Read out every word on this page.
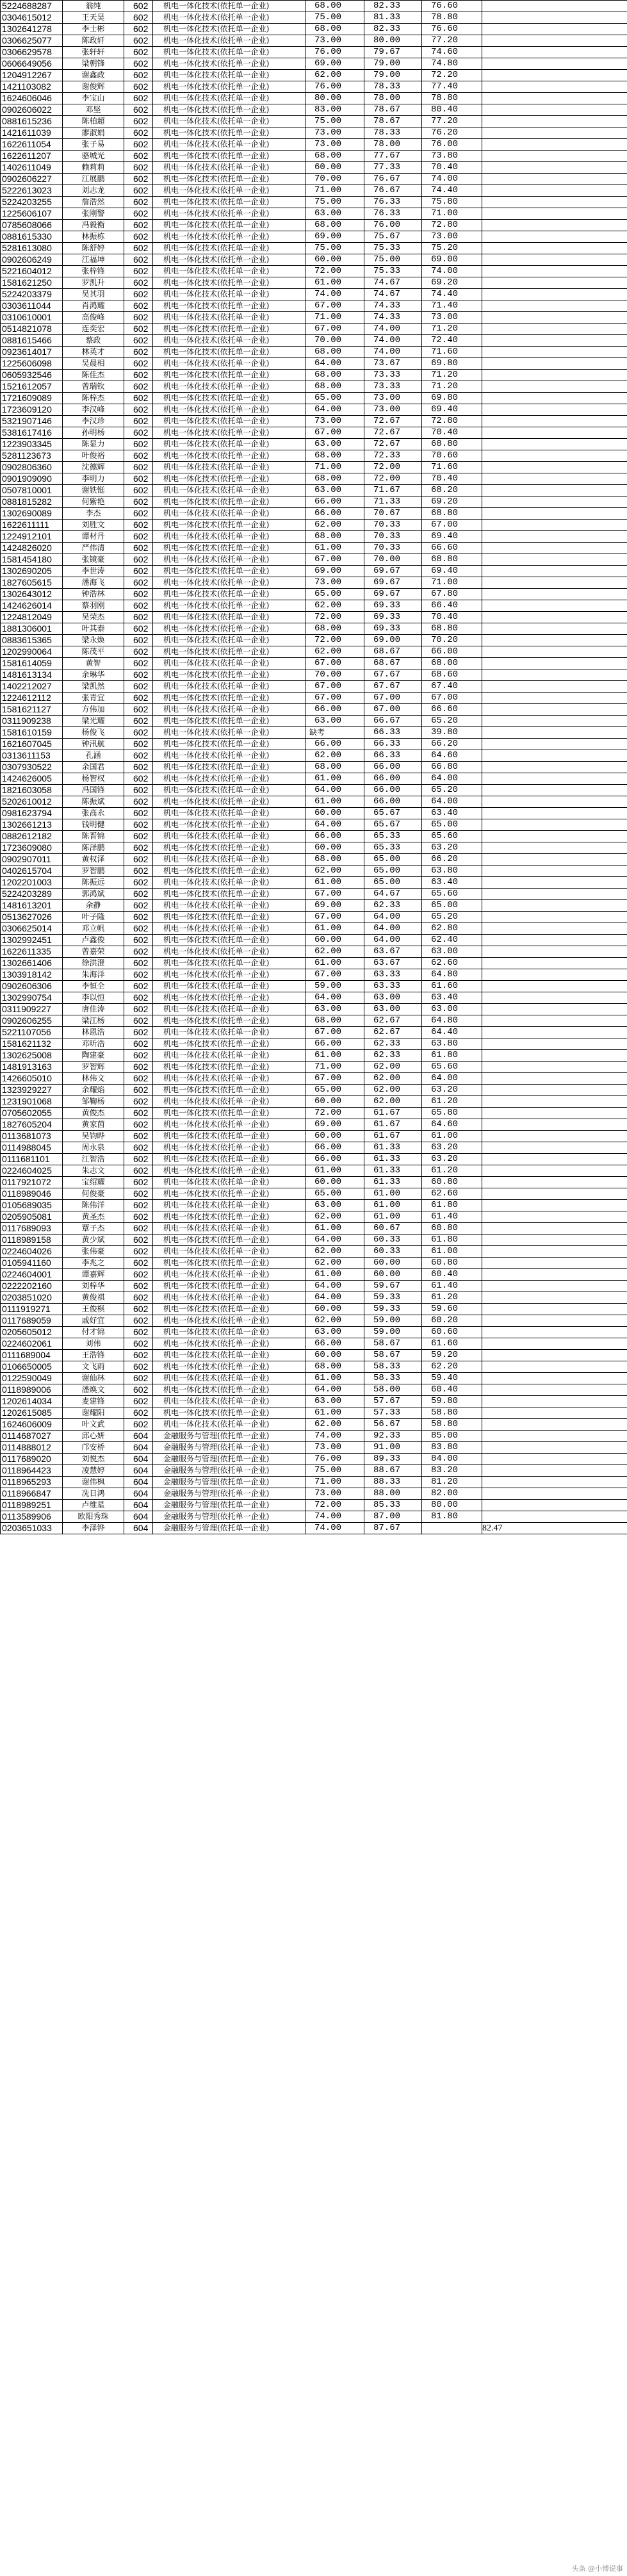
5224688287	翁纯	602	机电一体化技术(依托单一企业)	68.00	82.33	76.60	
0304615012	王天昊	602	机电一体化技术(依托单一企业)	75.00	81.33	78.80	
1302641278	李士彬	602	机电一体化技术(依托单一企业)	68.00	82.33	76.60	
0306625077	陈政轩	602	机电一体化技术(依托单一企业)	73.00	80.00	77.20	
0306629578	张轩轩	602	机电一体化技术(依托单一企业)	76.00	79.67	74.60	
0606649056	梁朝锋	602	机电一体化技术(依托单一企业)	69.00	79.00	74.80	
1204912267	谢鑫政	602	机电一体化技术(依托单一企业)	62.00	79.00	72.20	
1421103082	谢俊辉	602	机电一体化技术(依托单一企业)	76.00	78.33	77.40	
1624606046	李宝山	602	机电一体化技术(依托单一企业)	80.00	78.00	78.80	
0902606022	邓坚	602	机电一体化技术(依托单一企业)	83.00	78.67	80.40	
0881615236	陈柏超	602	机电一体化技术(依托单一企业)	75.00	78.67	77.20	
1421611039	廖淑娟	602	机电一体化技术(依托单一企业)	73.00	78.33	76.20	
1622611054	张子易	602	机电一体化技术(依托单一企业)	73.00	78.00	76.00	
1622611207	骆城光	602	机电一体化技术(依托单一企业)	68.00	77.67	73.80	
1402611049	赖莉莉	602	机电一体化技术(依托单一企业)	60.00	77.33	70.40	
0902606227	江展鹏	602	机电一体化技术(依托单一企业)	70.00	76.67	74.00	
5222613023	刘志龙	602	机电一体化技术(依托单一企业)	71.00	76.67	74.40	
5224203255	詹浩然	602	机电一体化技术(依托单一企业)	75.00	76.33	75.80	
1225606107	张刚警	602	机电一体化技术(依托单一企业)	63.00	76.33	71.00	
0785608066	冯毅衡	602	机电一体化技术(依托单一企业)	68.00	76.00	72.80	
0881615330	林振栋	602	机电一体化技术(依托单一企业)	69.00	75.67	73.00	
5281613080	陈舒婷	602	机电一体化技术(依托单一企业)	75.00	75.33	75.20	
0902606249	江福坤	602	机电一体化技术(依托单一企业)	60.00	75.00	69.00	
5221604012	张梓锋	602	机电一体化技术(依托单一企业)	72.00	75.33	74.00	
1581621250	罗凯升	602	机电一体化技术(依托单一企业)	61.00	74.67	69.20	
5224203379	吴其羽	602	机电一体化技术(依托单一企业)	74.00	74.67	74.40	
0303611044	肖鸿耀	602	机电一体化技术(依托单一企业)	67.00	74.33	71.40	
0310610001	高俊峰	602	机电一体化技术(依托单一企业)	71.00	74.33	73.00	
0514821078	连奕宏	602	机电一体化技术(依托单一企业)	67.00	74.00	71.20	
0881615466	蔡政	602	机电一体化技术(依托单一企业)	70.00	74.00	72.40	
0923614017	林英才	602	机电一体化技术(依托单一企业)	68.00	74.00	71.60	
1225606098	吴晨相	602	机电一体化技术(依托单一企业)	64.00	73.67	69.80	
0605932546	陈佳杰	602	机电一体化技术(依托单一企业)	68.00	73.33	71.20	
1521612057	曾瑞钦	602	机电一体化技术(依托单一企业)	68.00	73.33	71.20	
1721609089	陈梓杰	602	机电一体化技术(依托单一企业)	65.00	73.00	69.80	
1723609120	李汉峰	602	机电一体化技术(依托单一企业)	64.00	73.00	69.40	
5321907146	李汉珍	602	机电一体化技术(依托单一企业)	73.00	72.67	72.80	
5381617416	孙明杨	602	机电一体化技术(依托单一企业)	67.00	72.67	70.40	
1223903345	陈显力	602	机电一体化技术(依托单一企业)	63.00	72.67	68.80	
5281123673	叶俊裕	602	机电一体化技术(依托单一企业)	68.00	72.33	70.60	
0902806360	沈德辉	602	机电一体化技术(依托单一企业)	71.00	72.00	71.60	
0901909090	李明力	602	机电一体化技术(依托单一企业)	68.00	72.00	70.40	
0507810001	谢铁铤	602	机电一体化技术(依托单一企业)	63.00	71.67	68.20	
0881815282	何紫艳	602	机电一体化技术(依托单一企业)	66.00	71.33	69.20	
1302690089	李杰	602	机电一体化技术(依托单一企业)	66.00	70.67	68.80	
1622611111	刘胜文	602	机电一体化技术(依托单一企业)	62.00	70.33	67.00	
1224912101	谭材丹	602	机电一体化技术(依托单一企业)	68.00	70.33	69.40	
1424826020	严伟清	602	机电一体化技术(依托单一企业)	61.00	70.33	66.60	
1581454180	张镜豪	602	机电一体化技术(依托单一企业)	67.00	70.00	68.80	
1302690205	李世涛	602	机电一体化技术(依托单一企业)	69.00	69.67	69.40	
1827605615	潘海飞	602	机电一体化技术(依托单一企业)	73.00	69.67	71.00	
1302643012	钟浩林	602	机电一体化技术(依托单一企业)	65.00	69.67	67.80	
1424626014	蔡羽刚	602	机电一体化技术(依托单一企业)	62.00	69.33	66.40	
1224812049	吴荣杰	602	机电一体化技术(依托单一企业)	72.00	69.33	70.40	
1881306001	叶其泰	602	机电一体化技术(依托单一企业)	68.00	69.33	68.80	
0883615365	梁永焕	602	机电一体化技术(依托单一企业)	72.00	69.00	70.20	
1202990064	陈茂平	602	机电一体化技术(依托单一企业)	62.00	68.67	66.00	
1581614059	黄智	602	机电一体化技术(依托单一企业)	67.00	68.67	68.00	
1481613134	余琳华	602	机电一体化技术(依托单一企业)	70.00	67.67	68.60	
1402212027	梁凯然	602	机电一体化技术(依托单一企业)	67.00	67.67	67.40	
1224612112	张青宜	602	机电一体化技术(依托单一企业)	67.00	67.00	67.00	
1581621127	方伟加	602	机电一体化技术(依托单一企业)	66.00	67.00	66.60	
0311909238	梁光耀	602	机电一体化技术(依托单一企业)	63.00	66.67	65.20	
1581610159	杨俊飞	602	机电一体化技术(依托单一企业)	缺考	66.33	39.80	
1621607045	钟汛航	602	机电一体化技术(依托单一企业)	66.00	66.33	66.20	
0313611153	孔涵	602	机电一体化技术(依托单一企业)	62.00	66.33	64.60	
0307930522	余国君	602	机电一体化技术(依托单一企业)	68.00	66.00	66.80	
1424626005	杨智权	602	机电一体化技术(依托单一企业)	61.00	66.00	64.00	
1821603058	冯国锋	602	机电一体化技术(依托单一企业)	64.00	66.00	65.20	
5202610012	陈振斌	602	机电一体化技术(依托单一企业)	61.00	66.00	64.00	
0981623794	张高永	602	机电一体化技术(依托单一企业)	60.00	65.67	63.40	
1302661213	钱明健	602	机电一体化技术(依托单一企业)	64.00	65.67	65.00	
0882612182	陈晋锦	602	机电一体化技术(依托单一企业)	66.00	65.33	65.60	
1723609080	陈泽鹏	602	机电一体化技术(依托单一企业)	60.00	65.33	63.20	
0902907011	黄权泽	602	机电一体化技术(依托单一企业)	68.00	65.00	66.20	
0402615704	罗智鹏	602	机电一体化技术(依托单一企业)	62.00	65.00	63.80	
1202201003	陈振远	602	机电一体化技术(依托单一企业)	61.00	65.00	63.40	
5224203289	郭鸿斌	602	机电一体化技术(依托单一企业)	67.00	64.67	65.60	
1481613201	余静	602	机电一体化技术(依托单一企业)	69.00	62.33	65.00	
0513627026	叶子隆	602	机电一体化技术(依托单一企业)	67.00	64.00	65.20	
0306625014	邓立帆	602	机电一体化技术(依托单一企业)	61.00	64.00	62.80	
1302992451	卢鑫俊	602	机电一体化技术(依托单一企业)	60.00	64.00	62.40	
1622611335	曾嘉荣	602	机电一体化技术(依托单一企业)	62.00	63.67	63.00	
1302661406	徐洪澄	602	机电一体化技术(依托单一企业)	61.00	63.67	62.60	
1303918142	朱海洋	602	机电一体化技术(依托单一企业)	67.00	63.33	64.80	
0902606306	李恒全	602	机电一体化技术(依托单一企业)	59.00	63.33	61.60	
1302990754	李以恒	602	机电一体化技术(依托单一企业)	64.00	63.00	63.40	
0311909227	唐佳涛	602	机电一体化技术(依托单一企业)	63.00	63.00	63.00	
0902606255	梁江杨	602	机电一体化技术(依托单一企业)	68.00	62.67	64.80	
5221107056	林恩浩	602	机电一体化技术(依托单一企业)	67.00	62.67	64.40	
1581621132	邓昕浩	602	机电一体化技术(依托单一企业)	66.00	62.33	63.80	
1302625008	陶建豪	602	机电一体化技术(依托单一企业)	61.00	62.33	61.80	
1481913163	罗智辉	602	机电一体化技术(依托单一企业)	71.00	62.00	65.60	
1426605010	林伟文	602	机电一体化技术(依托单一企业)	67.00	62.00	64.00	
1323929227	余耀焰	602	机电一体化技术(依托单一企业)	65.00	62.00	63.20	
1231901068	邹鞠杨	602	机电一体化技术(依托单一企业)	60.00	62.00	61.20	
0705602055	黄俊杰	602	机电一体化技术(依托单一企业)	72.00	61.67	65.80	
1827605204	黄家茵	602	机电一体化技术(依托单一企业)	69.00	61.67	64.60	
0113681073	吴钧晔	602	机电一体化技术(依托单一企业)	60.00	61.67	61.00	
0114988045	周永泉	602	机电一体化技术(依托单一企业)	66.00	61.33	63.20	
0111681101	江智浩	602	机电一体化技术(依托单一企业)	66.00	61.33	63.20	
0224604025	朱志文	602	机电一体化技术(依托单一企业)	61.00	61.33	61.20	
0117921072	宝绍耀	602	机电一体化技术(依托单一企业)	60.00	61.33	60.80	
0118989046	何俊豪	602	机电一体化技术(依托单一企业)	65.00	61.00	62.60	
0105689035	陈伟洋	602	机电一体化技术(依托单一企业)	63.00	61.00	61.80	
0205905081	黄圣杰	602	机电一体化技术(依托单一企业)	62.00	61.00	61.40	
0117689093	覃子杰	602	机电一体化技术(依托单一企业)	61.00	60.67	60.80	
0118989158	黄少斌	602	机电一体化技术(依托单一企业)	64.00	60.33	61.80	
0224604026	张伟豪	602	机电一体化技术(依托单一企业)	62.00	60.33	61.00	
0105941160	李兆之	602	机电一体化技术(依托单一企业)	62.00	60.00	60.80	
0224604001	谭嘉辉	602	机电一体化技术(依托单一企业)	61.00	60.00	60.40	
0222202160	刘梓华	602	机电一体化技术(依托单一企业)	64.00	59.67	61.40	
0203851020	黄俊祺	602	机电一体化技术(依托单一企业)	64.00	59.33	61.20	
0111919271	王俊棋	602	机电一体化技术(依托单一企业)	60.00	59.33	59.60	
0117689059	戚好宜	602	机电一体化技术(依托单一企业)	62.00	59.00	60.20	
0205605012	付才锦	602	机电一体化技术(依托单一企业)	63.00	59.00	60.60	
0224602061	刘伟	602	机电一体化技术(依托单一企业)	66.00	58.67	61.60	
0111689004	王浩锋	602	机电一体化技术(依托单一企业)	60.00	58.67	59.20	
0106650005	文飞雨	602	机电一体化技术(依托单一企业)	68.00	58.33	62.20	
0122590049	谢仙林	602	机电一体化技术(依托单一企业)	61.00	58.33	59.40	
0118989006	潘焕文	602	机电一体化技术(依托单一企业)	64.00	58.00	60.40	
1202614034	麦建锋	602	机电一体化技术(依托单一企业)	63.00	57.67	59.80	
1202615085	谢耀阳	602	机电一体化技术(依托单一企业)	61.00	57.33	58.80	
1624606009	叶文武	602	机电一体化技术(依托单一企业)	62.00	56.67	58.80	
0114687027	邱心妍	604	金融服务与管理(依托单一企业)	74.00	92.33	85.00	
0114888012	邝安桥	604	金融服务与管理(依托单一企业)	73.00	91.00	83.80	
0117689020	刘悦杰	604	金融服务与管理(依托单一企业)	76.00	89.33	84.00	
0118964423	凌慧婷	604	金融服务与管理(依托单一企业)	75.00	88.67	83.20	
0118965293	谢伟枫	604	金融服务与管理(依托单一企业)	71.00	88.33	81.20	
0118966847	冼日鸿	604	金融服务与管理(依托单一企业)	73.00	88.00	82.00	
0118989251	卢维星	604	金融服务与管理(依托单一企业)	72.00	85.33	80.00	
0113589906	欧阳秀珠	604	金融服务与管理(依托单一企业)	74.00	87.00	81.80	
0203651033	李泽铧	604	金融服务与管理(依托单一企业)	74.00	87.67		82.47
头条 @小博说事
